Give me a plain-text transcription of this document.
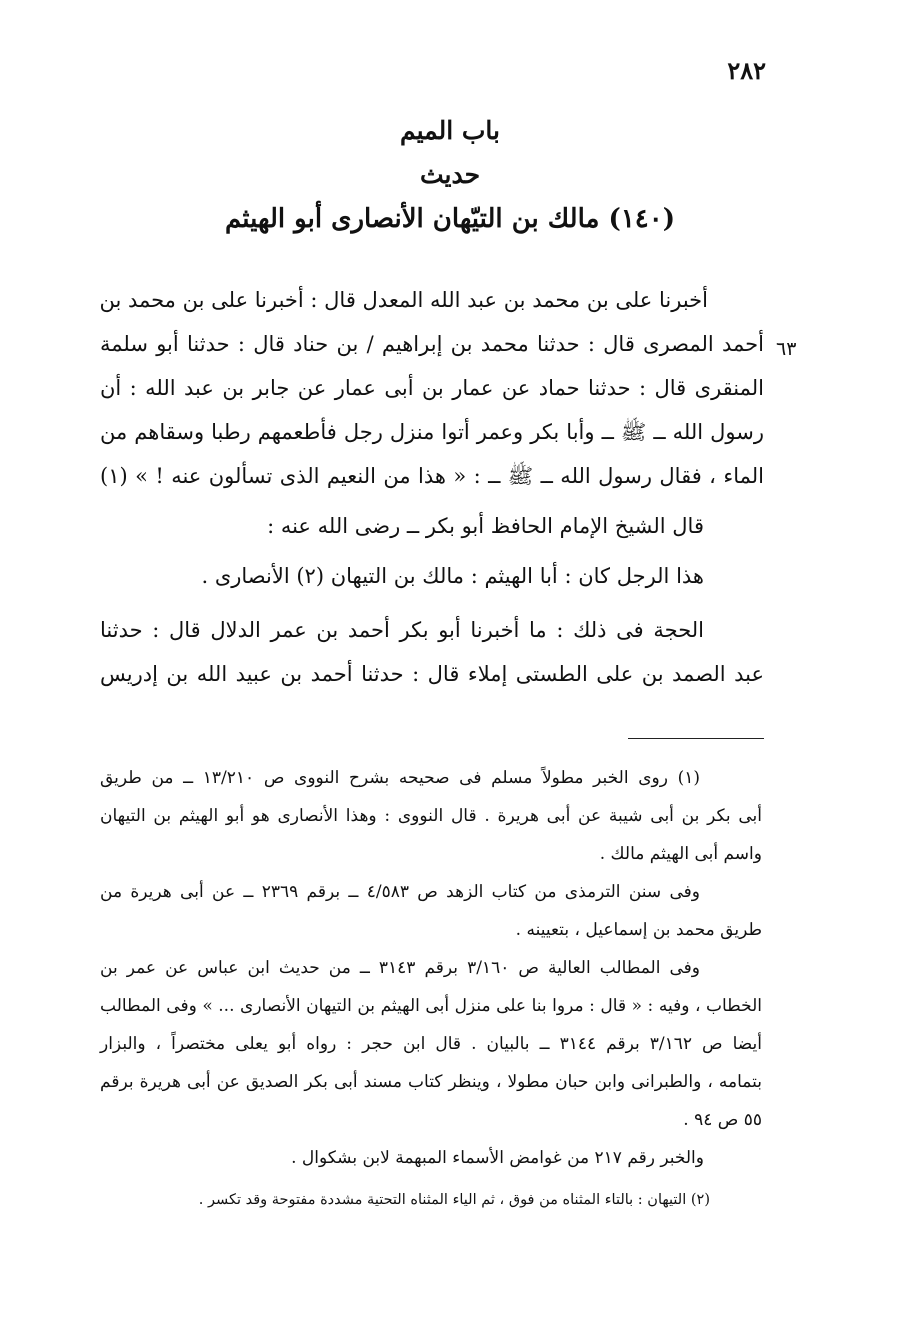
٢٨٢
باب الميم
حديث
(١٤٠) مالك بن التيّهان الأنصارى أبو الهيثم
٦٣
أخبرنا على بن محمد بن عبد الله المعدل قال : أخبرنا على بن محمد بن
أحمد المصرى قال : حدثنا محمد بن إبراهيم / بن حناد قال : حدثنا أبو سلمة
المنقرى قال : حدثنا حماد عن عمار بن أبى عمار عن جابر بن عبد الله : أن
رسول الله ــ ﷺ ــ وأبا بكر وعمر أتوا منزل رجل فأطعمهم رطبا وسقاهم من
الماء ، فقال رسول الله ــ ﷺ ــ : « هذا من النعيم الذى تسألون عنه ! » (١)
قال الشيخ الإمام الحافظ أبو بكر ــ رضى الله عنه :
هذا الرجل كان : أبا الهيثم : مالك بن التيهان (٢) الأنصارى .
الحجة فى ذلك : ما أخبرنا أبو بكر أحمد بن عمر الدلال قال : حدثنا
عبد الصمد بن على الطستى إملاء قال : حدثنا أحمد بن عبيد الله بن إدريس
(١) روى الخبر مطولاً مسلم فى صحيحه بشرح النووى ص ١٣/٢١٠ ــ من طريق
أبى بكر بن أبى شيبة عن أبى هريرة . قال النووى : وهذا الأنصارى هو أبو الهيثم بن التيهان
واسم أبى الهيثم مالك .
وفى سنن الترمذى من كتاب الزهد ص ٤/٥٨٣ ــ برقم ٢٣٦٩ ــ عن أبى هريرة من
طريق محمد بن إسماعيل ، بتعيينه .
وفى المطالب العالية ص ٣/١٦٠ برقم ٣١٤٣ ــ من حديث ابن عباس عن عمر بن
الخطاب ، وفيه : « قال : مروا بنا على منزل أبى الهيثم بن التيهان الأنصارى ... » وفى المطالب
أيضا ص ٣/١٦٢ برقم ٣١٤٤ ــ بالبيان . قال ابن حجر : رواه أبو يعلى مختصراً ، والبزار
بتمامه ، والطبرانى وابن حبان مطولا ، وينظر كتاب مسند أبى بكر الصديق عن أبى هريرة برقم
٥٥ ص ٩٤ .
والخبر رقم ٢١٧ من غوامض الأسماء المبهمة لابن بشكوال .
(٢) التيهان : بالتاء المثناه من فوق ، ثم الياء المثناه التحتية مشددة مفتوحة وقد تكسر .
